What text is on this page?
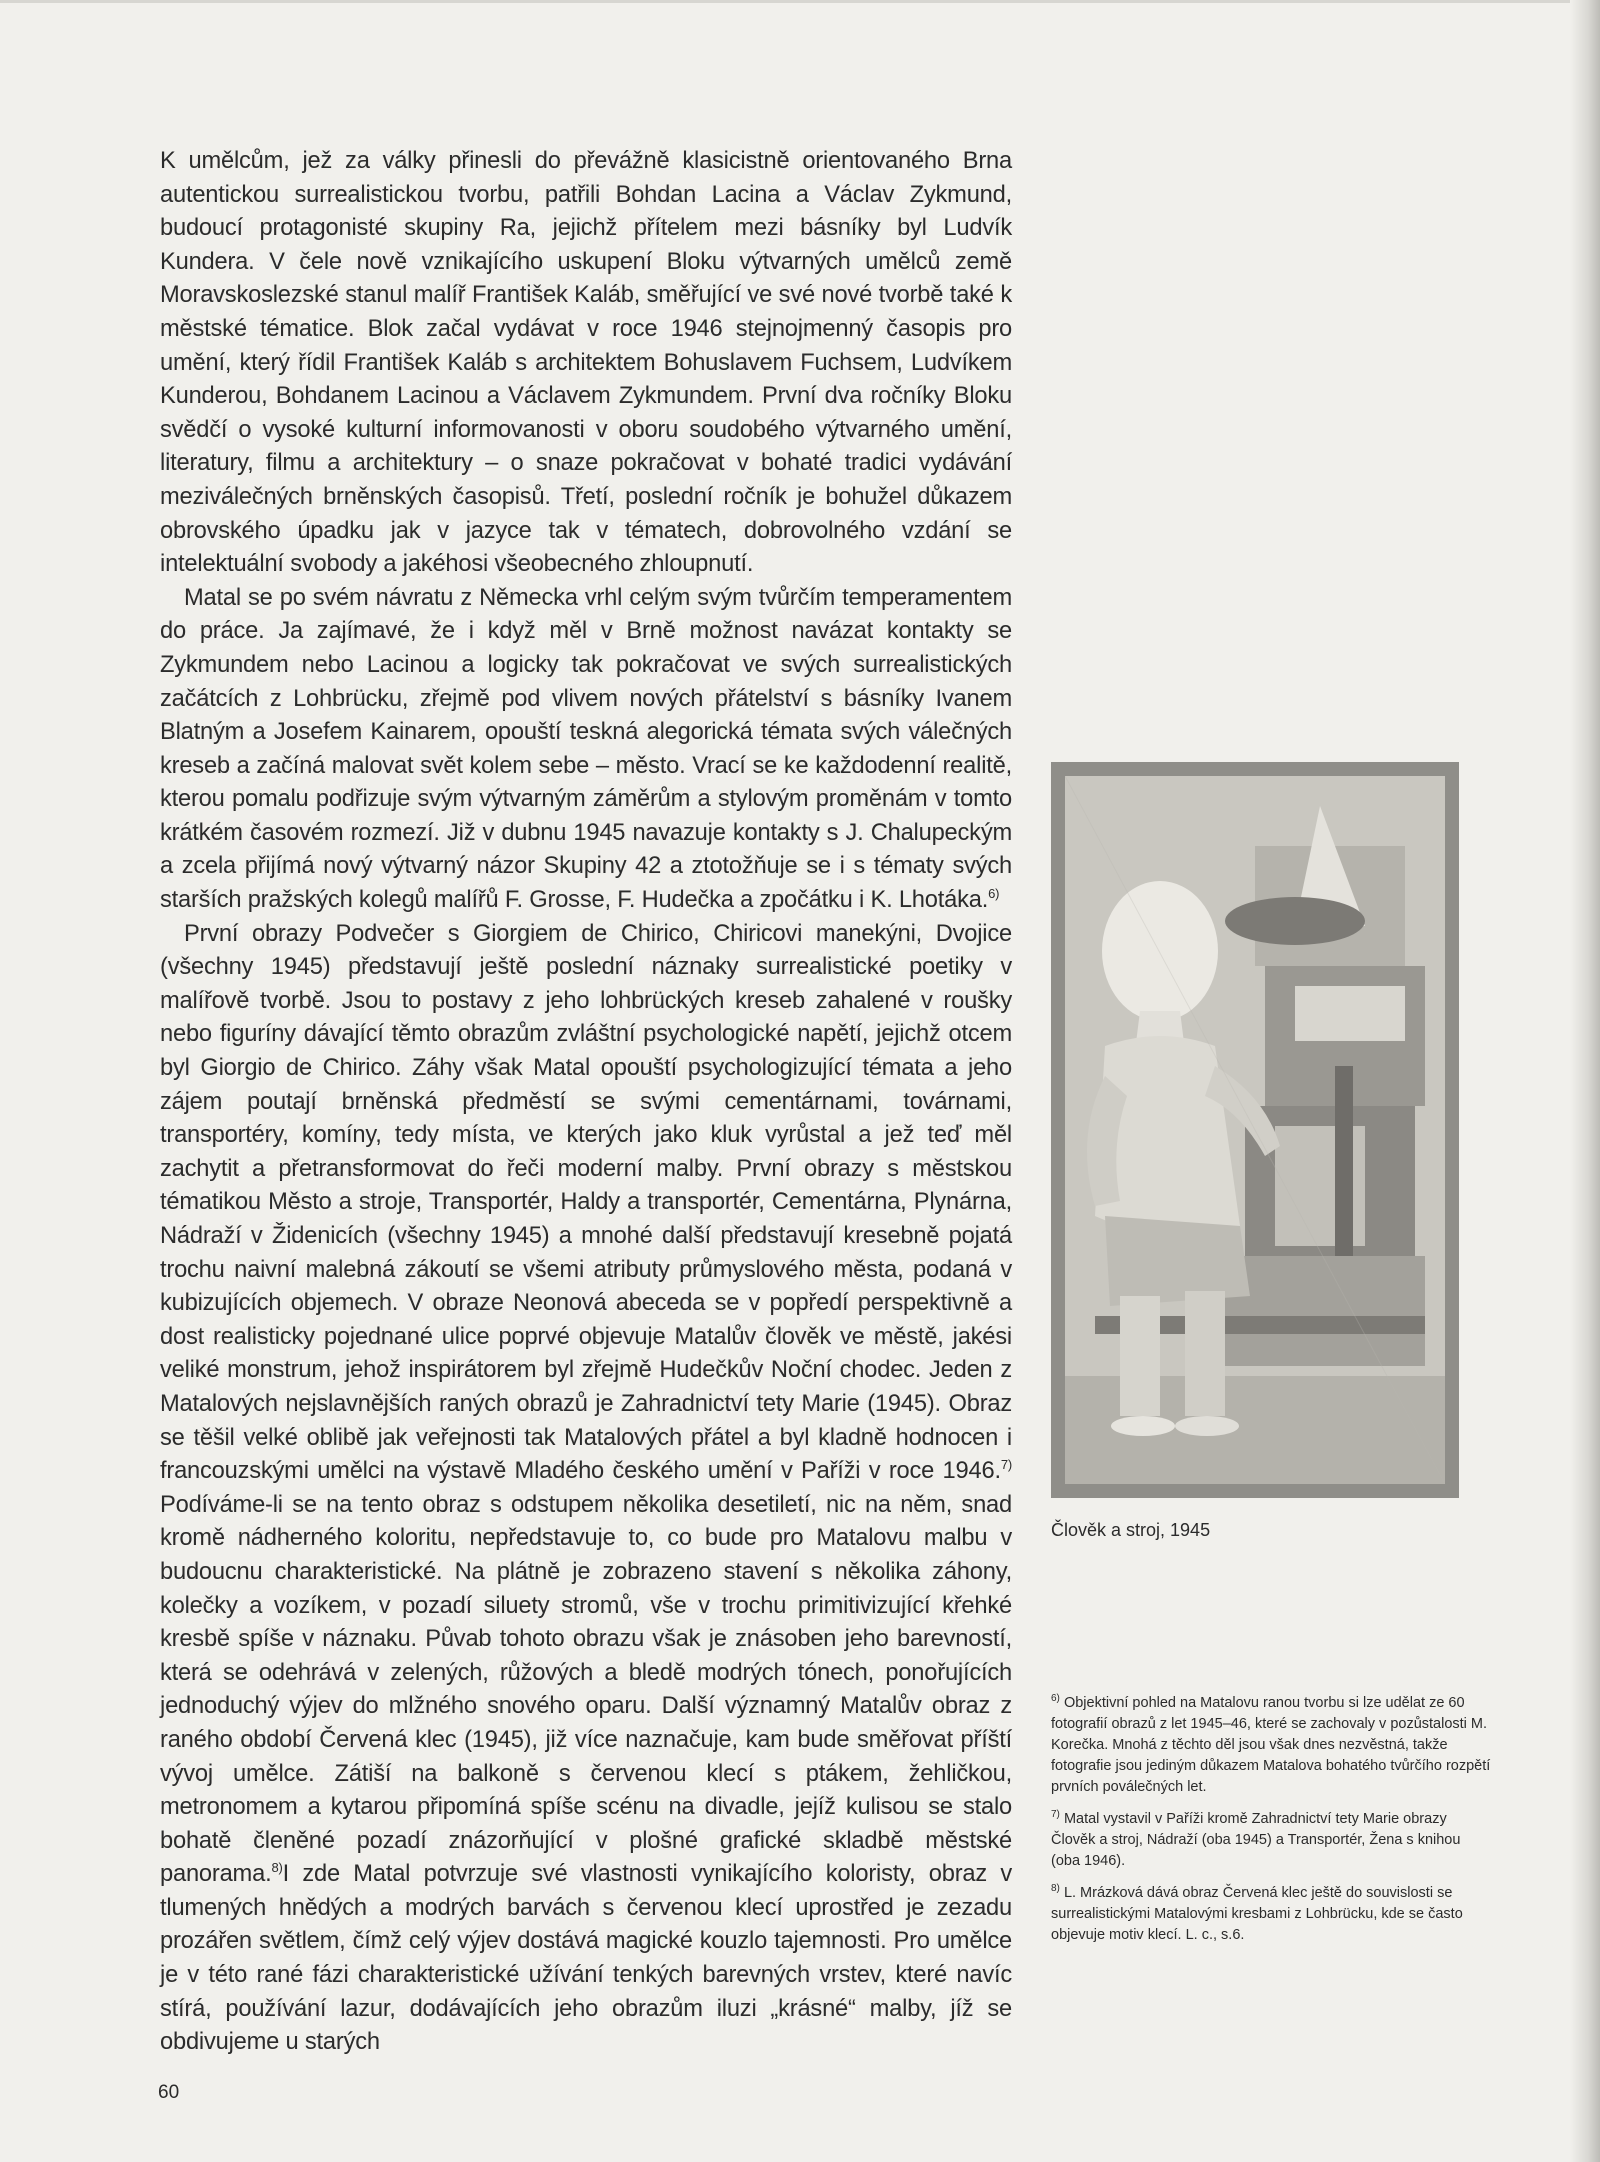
K umělcům, jež za války přinesli do převážně klasicistně orientovaného Brna autentickou surrealistickou tvorbu, patřili Bohdan Lacina a Václav Zykmund, budoucí protagonisté skupiny Ra, jejichž přítelem mezi básníky byl Ludvík Kundera. V čele nově vznikajícího uskupení Bloku výtvarných umělců země Moravskoslezské stanul malíř František Kaláb, směřující ve své nové tvorbě také k městské tématice. Blok začal vydávat v roce 1946 stejnojmenný časopis pro umění, který řídil František Kaláb s architektem Bohuslavem Fuchsem, Ludvíkem Kunderou, Bohdanem Lacinou a Václavem Zykmundem. První dva ročníky Bloku svědčí o vysoké kulturní informovanosti v oboru soudobého výtvarného umění, literatury, filmu a architektury – o snaze pokračovat v bohaté tradici vydávání meziválečných brněnských časopisů. Třetí, poslední ročník je bohužel důkazem obrovského úpadku jak v jazyce tak v tématech, dobrovolného vzdání se intelektuální svobody a jakéhosi všeobecného zhloupnutí.

Matal se po svém návratu z Německa vrhl celým svým tvůrčím temperamentem do práce. Ja zajímavé, že i když měl v Brně možnost navázat kontakty se Zykmundem nebo Lacinou a logicky tak pokračovat ve svých surrealistických začátcích z Lohbrücku, zřejmě pod vlivem nových přátelství s básníky Ivanem Blatným a Josefem Kainarem, opouští teskná alegorická témata svých válečných kreseb a začíná malovat svět kolem sebe – město. Vrací se ke každodenní realitě, kterou pomalu podřizuje svým výtvarným záměrům a stylovým proměnám v tomto krátkém časovém rozmezí. Již v dubnu 1945 navazuje kontakty s J. Chalupeckým a zcela přijímá nový výtvarný názor Skupiny 42 a ztotožňuje se i s tématy svých starších pražských kolegů malířů F. Grosse, F. Hudečka a zpočátku i K. Lhotáka.$^{6)}$

První obrazy Podvečer s Giorgiem de Chirico, Chiricovi manekýni, Dvojice (všechny 1945) představují ještě poslední náznaky surrealistické poetiky v malířově tvorbě. Jsou to postavy z jeho lohbrückých kreseb zahalené v roušky nebo figuríny dávající těmto obrazům zvláštní psychologické napětí, jejichž otcem byl Giorgio de Chirico. Záhy však Matal opouští psychologizující témata a jeho zájem poutají brněnská předměstí se svými cementárnami, továrnami, transportéry, komíny, tedy místa, ve kterých jako kluk vyrůstal a jež teď měl zachytit a přetransformovat do řeči moderní malby. První obrazy s městskou tématikou Město a stroje, Transportér, Haldy a transportér, Cementárna, Plynárna, Nádraží v Židenicích (všechny 1945) a mnohé další představují kresebně pojatá trochu naivní malebná zákoutí se všemi atributy průmyslového města, podaná v kubizujících objemech. V obraze Neonová abeceda se v popředí perspektivně a dost realisticky pojednané ulice poprvé objevuje Matalův člověk ve městě, jakési veliké monstrum, jehož inspirátorem byl zřejmě Hudečkův Noční chodec. Jeden z Matalových nejslavnějších raných obrazů je Zahradnictví tety Marie (1945). Obraz se těšil velké oblibě jak veřejnosti tak Matalových přátel a byl kladně hodnocen i francouzskými umělci na výstavě Mladého českého umění v Paříži v roce 1946.$^{7)}$ Podíváme-li se na tento obraz s odstupem několika desetiletí, nic na něm, snad kromě nádherného koloritu, nepředstavuje to, co bude pro Matalovu malbu v budoucnu charakteristické. Na plátně je zobrazeno stavení s několika záhony, kolečky a vozíkem, v pozadí siluety stromů, vše v trochu primitivizující křehké kresbě spíše v náznaku. Půvab tohoto obrazu však je znásoben jeho barevností, která se odehrává v zelených, růžových a bledě modrých tónech, ponořujících jednoduchý výjev do mlžného snového oparu. Další významný Matalův obraz z raného období Červená klec (1945), již více naznačuje, kam bude směřovat příští vývoj umělce. Zátiší na balkoně s červenou klecí s ptákem, žehličkou, metronomem a kytarou připomíná spíše scénu na divadle, jejíž kulisou se stalo bohatě členěné pozadí znázorňující v plošné grafické skladbě městské panorama.$^{8)}$I zde Matal potvrzuje své vlastnosti vynikajícího koloristy, obraz v tlumených hnědých a modrých barvách s červenou klecí uprostřed je zezadu prozářen světlem, čímž celý výjev dostává magické kouzlo tajemnosti. Pro umělce je v této rané fázi charakteristické užívání tenkých barevných vrstev, které navíc stírá, používání lazur, dodávajících jeho obrazům iluzi „krásné“ malby, jíž se obdivujeme u starých

Člověk a stroj, 1945

$^{6)}$ Objektivní pohled na Matalovu ranou tvorbu si lze udělat ze 60 fotografií obrazů z let 1945–46, které se zachovaly v pozůstalosti M. Korečka. Mnohá z těchto děl jsou však dnes nezvěstná, takže fotografie jsou jediným důkazem Matalova bohatého tvůrčího rozpětí prvních poválečných let.

$^{7)}$ Matal vystavil v Paříži kromě Zahradnictví tety Marie obrazy Člověk a stroj, Nádraží (oba 1945) a Transportér, Žena s knihou (oba 1946).

$^{8)}$ L. Mrázková dává obraz Červená klec ještě do souvislosti se surrealistickými Matalovými kresbami z Lohbrücku, kde se často objevuje motiv klecí. L. c., s.6.

60
